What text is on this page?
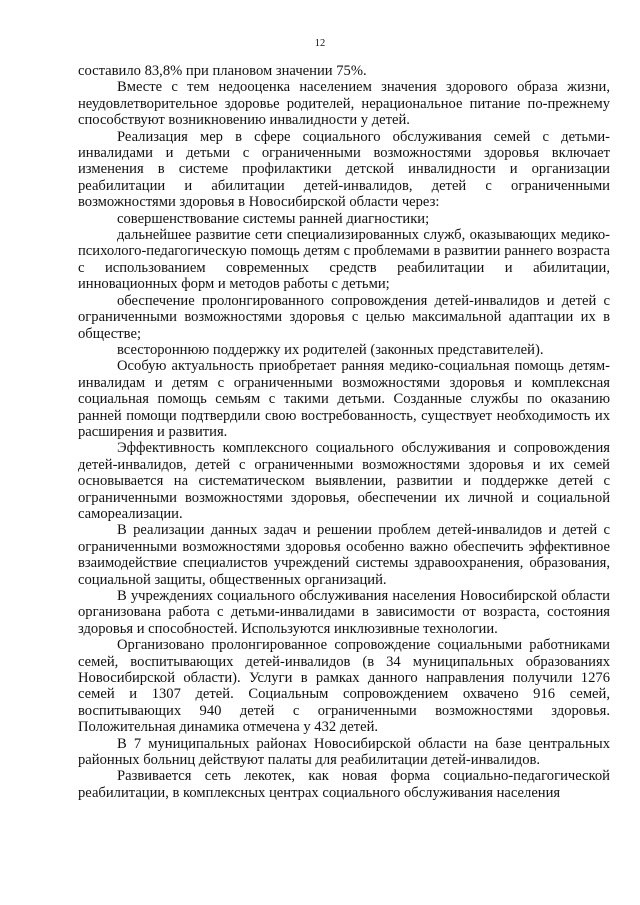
12

составило 83,8% при плановом значении 75%.

Вместе с тем недооценка населением значения здорового образа жизни, неудовлетворительное здоровье родителей, нерациональное питание по-прежнему способствуют возникновению инвалидности у детей.

Реализация мер в сфере социального обслуживания семей с детьми-инвалидами и детьми с ограниченными возможностями здоровья включает изменения в системе профилактики детской инвалидности и организации реабилитации и абилитации детей-инвалидов, детей с ограниченными возможностями здоровья в Новосибирской области через:

совершенствование системы ранней диагностики;

дальнейшее развитие сети специализированных служб, оказывающих медико-психолого-педагогическую помощь детям с проблемами в развитии раннего возраста с использованием современных средств реабилитации и абилитации, инновационных форм и методов работы с детьми;

обеспечение пролонгированного сопровождения детей-инвалидов и детей с ограниченными возможностями здоровья с целью максимальной адаптации их в обществе;

всестороннюю поддержку их родителей (законных представителей).

Особую актуальность приобретает ранняя медико-социальная помощь детям-инвалидам и детям с ограниченными возможностями здоровья и комплексная социальная помощь семьям с такими детьми. Созданные службы по оказанию ранней помощи подтвердили свою востребованность, существует необходимость их расширения и развития.

Эффективность комплексного социального обслуживания и сопровождения детей-инвалидов, детей с ограниченными возможностями здоровья и их семей основывается на систематическом выявлении, развитии и поддержке детей с ограниченными возможностями здоровья, обеспечении их личной и социальной самореализации.

В реализации данных задач и решении проблем детей-инвалидов и детей с ограниченными возможностями здоровья особенно важно обеспечить эффективное взаимодействие специалистов учреждений системы здравоохранения, образования, социальной защиты, общественных организаций.

В учреждениях социального обслуживания населения Новосибирской области организована работа с детьми-инвалидами в зависимости от возраста, состояния здоровья и способностей. Используются инклюзивные технологии.

Организовано пролонгированное сопровождение социальными работниками семей, воспитывающих детей-инвалидов (в 34 муниципальных образованиях Новосибирской области). Услуги в рамках данного направления получили 1276 семей и 1307 детей. Социальным сопровождением охвачено 916 семей, воспитывающих 940 детей с ограниченными возможностями здоровья. Положительная динамика отмечена у 432 детей.

В 7 муниципальных районах Новосибирской области на базе центральных районных больниц действуют палаты для реабилитации детей-инвалидов.

Развивается сеть лекотек, как новая форма социально-педагогической реабилитации, в комплексных центрах социального обслуживания населения
